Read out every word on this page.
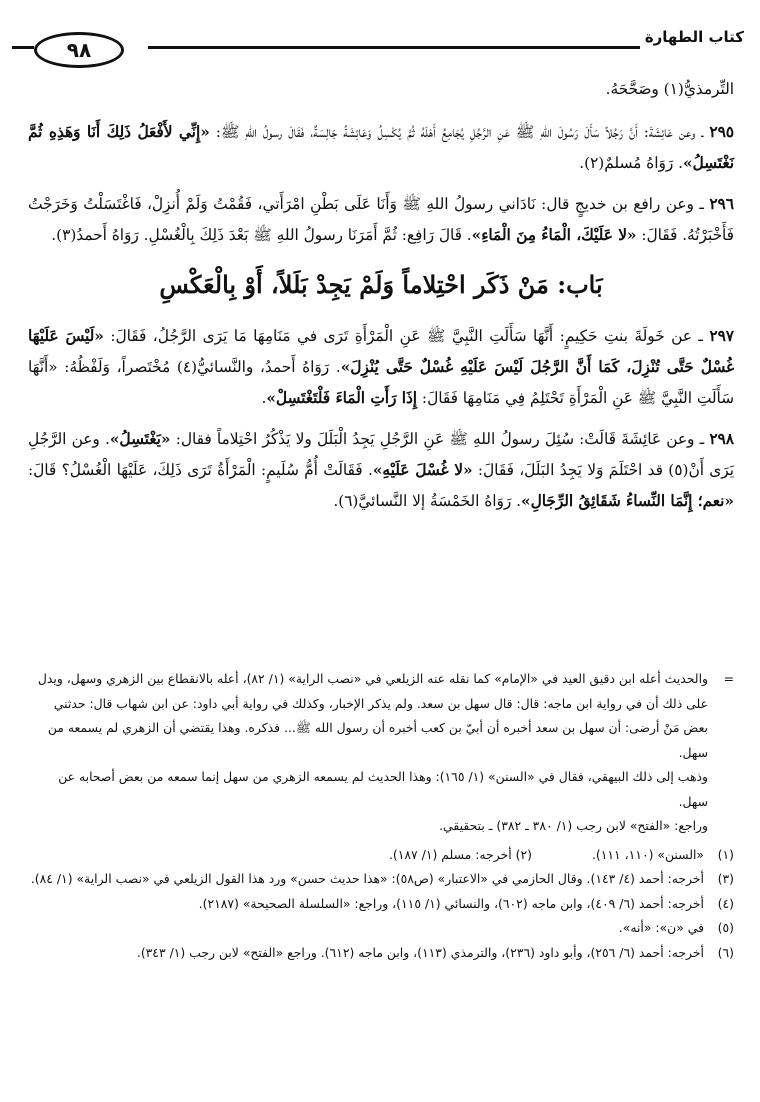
كتاب الطهارة
٩٨

التِّرمذيُّ(١) وصَحَّحَهُ.

٢٩٥ ـ وعن عَائِشَةَ: أَنَّ رَجُلاً سَأَلَ رَسُولَ اللهِ ﷺ عَنِ الرَّجُلِ يُجَامِعُ أَهْلَهُ ثُمَّ يُكْسِلُ وَعَائِشَةُ جَالِسَةٌ، فَقَالَ رسولُ اللهِ ﷺ: «إِنِّي لأَفْعَلُ ذَلِكَ أَنَا وَهَذِهِ ثُمَّ نَغْتَسِلُ». رَوَاهُ مُسلمٌ(٢).

٢٩٦ ـ وعن رافع بن خديجٍ قال: نَادَاني رسولُ اللهِ ﷺ وَأَنَا عَلَى بَطْنِ امْرَأَتي، فَقُمْتُ وَلَمْ أُنزِلْ، فَاغْتَسَلْتُ وَخَرَجْتُ فَأَخْبَرْتُهُ. فَقَالَ: «لا عَلَيْكَ، الْمَاءُ مِنَ الْمَاءِ». قَالَ رَافِع: ثُمَّ أَمَرَنَا رسولُ اللهِ ﷺ بَعْدَ ذَلِكَ بِالْغُسْلِ. رَوَاهُ أَحمدُ(٣).

بَاب: مَنْ ذَكَر احْتِلاماً وَلَمْ يَجِدْ بَلَلاً، أَوْ بِالْعَكْسِ

٢٩٧ ـ عن خَولَةَ بنتِ حَكِيمٍ: أَنَّهَا سَأَلَتِ النَّبِيَّ ﷺ عَنِ الْمَرْأَةِ تَرَى في مَنَامِهَا مَا يَرَى الرَّجُلُ، فَقَالَ: «لَيْسَ عَلَيْهَا غُسْلٌ حَتَّى تُنْزِلَ، كَمَا أَنَّ الرَّجُلَ لَيْسَ عَلَيْهِ غُسْلٌ حَتَّى يُنْزِلَ». رَوَاهُ أَحمدُ، والنَّسائيُّ(٤) مُخْتَصراً، وَلَفْظُهُ: «أَنَّهَا سَأَلَتِ النَّبِيَّ ﷺ عَنِ الْمَرْأَةِ تَحْتَلِمُ فِي مَنَامِهَا فَقَالَ: إِذَا رَأَتِ الْمَاءَ فَلْتَغْتَسِلْ».

٢٩٨ ـ وعن عَائِشَةَ قَالَتْ: سُئِلَ رسولُ اللهِ ﷺ عَنِ الرَّجُلِ يَجِدُ الْبَلَلَ ولا يَذْكُرُ احْتِلاماً فقال: «يَغْتَسِلُ». وعن الرَّجُلِ يَرَى أَنْ(٥) قد احْتَلَمَ وَلا يَجِدُ البَلَلَ، فَقَالَ: «لا غُسْلَ عَلَيْهِ». فَقَالَتْ أُمُّ سُلَيمٍ: الْمَرْأَةُ تَرَى ذَلِكَ، عَلَيْهَا الْغُسْلُ؟ قَالَ: «نعم؛ إِنَّمَا النِّساءُ شَقَائِقُ الرِّجَالِ». رَوَاهُ الخَمْسَةُ إلا النَّسائيَّ(٦).

=
والحديث أعله ابن دقيق العيد في «الإمام» كما نقله عنه الزيلعي في «نصب الراية» (١/ ٨٢)، أعله بالانقطاع بين الزهري وسهل، ويدل على ذلك أن في رواية ابن ماجه: قال: قال سهل بن سعد. ولم يذكر الإخبار، وكذلك في رواية أبي داود: عن ابن شهاب قال: حدثني بعض مَنْ أرضى: أن سهل بن سعد أخبره أن أبيّ بن كعب أخبره أن رسول الله ﷺ... فذكره. وهذا يقتضي أن الزهري لم يسمعه من سهل.
وذهب إلى ذلك البيهقي، فقال في «السنن» (١/ ١٦٥): وهذا الحديث لم يسمعه الزهري من سهل إنما سمعه من بعض أصحابه عن سهل.
وراجع: «الفتح» لابن رجب (١/ ٣٨٠ ـ ٣٨٢) ـ بتحقيقي.
(١)
«السنن» (١١٠، ١١١).(٢) أخرجه: مسلم (١/ ١٨٧).
(٣)
أخرجه: أحمد (٤/ ١٤٣). وقال الحازمي في «الاعتبار» (ص٥٨): «هذا حديث حسن» ورد هذا القول الزيلعي في «نصب الراية» (١/ ٨٤).
(٤)
أخرجه: أحمد (٦/ ٤٠٩)، وابن ماجه (٦٠٢)، والنسائي (١/ ١١٥)، وراجع: «السلسلة الصحيحة» (٢١٨٧).
(٥)
في «ن»: «أنه».
(٦)
أخرجه: أحمد (٦/ ٢٥٦)، وأبو داود (٢٣٦)، والترمذي (١١٣)، وابن ماجه (٦١٢). وراجع «الفتح» لابن رجب (١/ ٣٤٣).
